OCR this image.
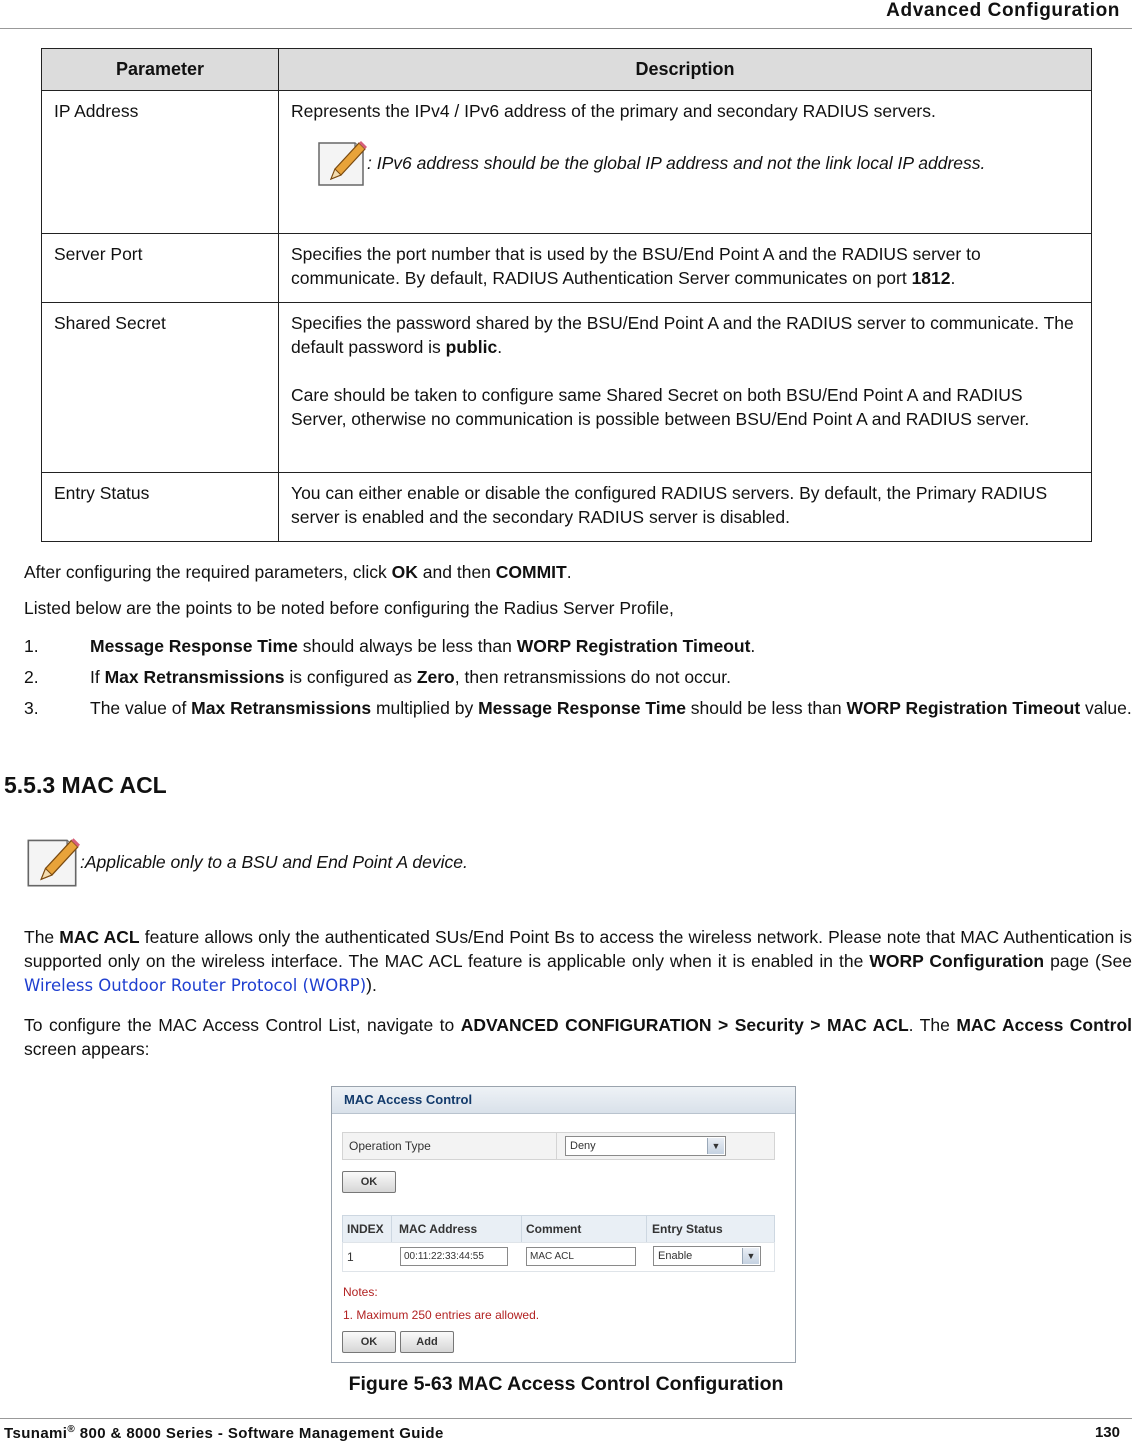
Advanced Configuration
Parameter	Description
IP Address	Represents the IPv4 / IPv6 address of the primary and secondary RADIUS servers.
: IPv6 address should be the global IP address and not the link local IP address.

Server Port	Specifies the port number that is used by the BSU/End Point A and the RADIUS server to communicate. By default, RADIUS Authentication Server communicates on port 1812.
Shared Secret	Specifies the password shared by the BSU/End Point A and the RADIUS server to communicate. The default password is public.
Care should be taken to configure same Shared Secret on both BSU/End Point A and RADIUS Server, otherwise no communication is possible between BSU/End Point A and RADIUS server.

Entry Status	You can either enable or disable the configured RADIUS servers. By default, the Primary RADIUS server is enabled and the secondary RADIUS server is disabled.

After configuring the required parameters, click OK and then COMMIT.

Listed below are the points to be noted before configuring the Radius Server Profile,

1.	Message Response Time should always be less than WORP Registration Timeout.
2.	If Max Retransmissions is configured as Zero, then retransmissions do not occur.
3.	The value of Max Retransmissions multiplied by Message Response Time should be less than WORP Registration Timeout value.
5.5.3 MAC ACL
:Applicable only to a BSU and End Point A device.

The MAC ACL feature allows only the authenticated SUs/End Point Bs to access the wireless network. Please note that MAC Authentication is supported only on the wireless interface. The MAC ACL feature is applicable only when it is enabled in the WORP Configuration page (See Wireless Outdoor Router Protocol (WORP)).

To configure the MAC Access Control List, navigate to ADVANCED CONFIGURATION > Security > MAC ACL. The MAC Access Control screen appears:

MAC Access Control
Operation Type	Deny	▼
OK
INDEX MAC Address	Comment	Entry Status
1	00:11:22:33:44:55	MAC ACL	Enable	▼
Notes:
1. Maximum 250 entries are allowed.
OK	Add
Figure 5-63 MAC Access Control Configuration
Tsunami® 800 & 8000 Series - Software Management Guide	130
